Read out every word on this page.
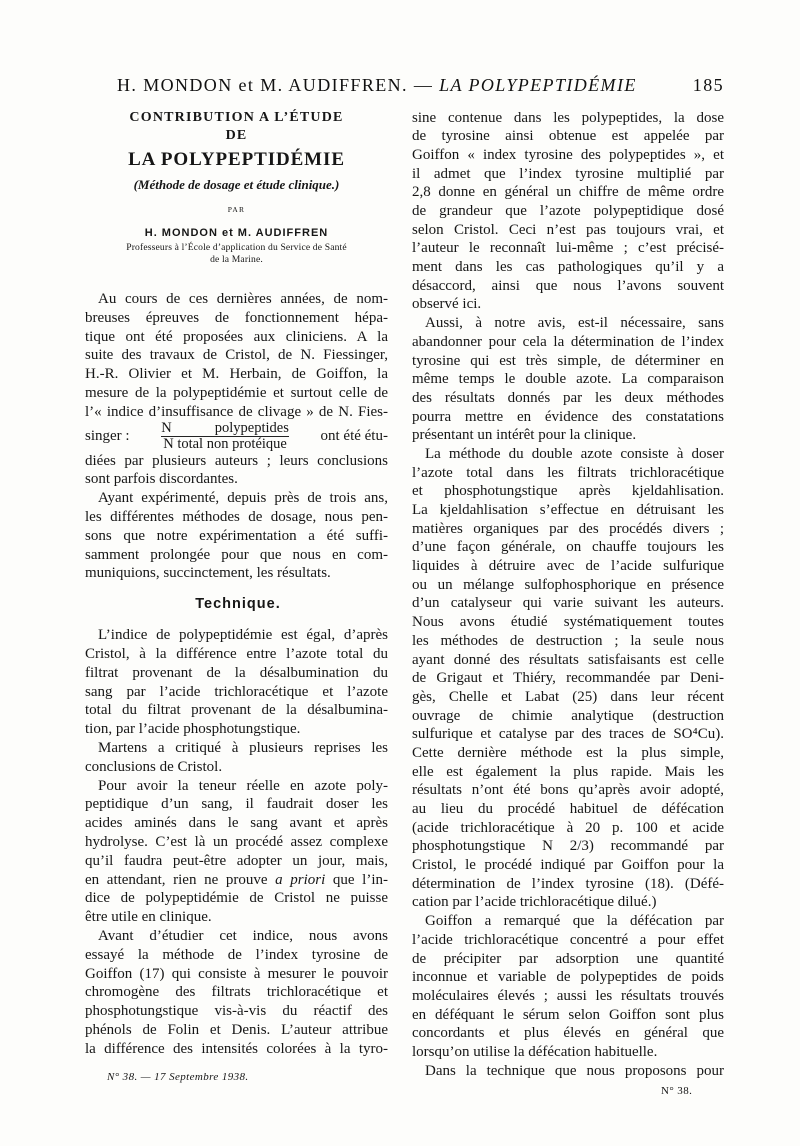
H. MONDON et M. AUDIFFREN. — LA POLYPEPTIDÉMIE	185
CONTRIBUTION A L’ÉTUDE
DE
LA POLYPEPTIDÉMIE
(Méthode de dosage et étude clinique.)
PAR
H. MONDON et M. AUDIFFREN
Professeurs à l’École d’application du Service de Santé
de la Marine.
Au cours de ces dernières années, de nom-
breuses épreuves de fonctionnement hépa-
tique ont été proposées aux cliniciens. A la
suite des travaux de Cristol, de N. Fiessinger,
H.-R. Olivier et M. Herbain, de Goiffon, la
mesure de la polypeptidémie et surtout celle de
l’« indice d’insuffisance de clivage » de N. Fies-
singer : $\frac{\text{N polypeptides}}{\text{N total non protéique}}$ ont été étu-
diées par plusieurs auteurs ; leurs conclusions
sont parfois discordantes.
Ayant expérimenté, depuis près de trois ans,
les différentes méthodes de dosage, nous pen-
sons que notre expérimentation a été suffi-
samment prolongée pour que nous en com-
muniquions, succinctement, les résultats.
Technique.
L’indice de polypeptidémie est égal, d’après
Cristol, à la différence entre l’azote total du
filtrat provenant de la désalbumination du
sang par l’acide trichloracétique et l’azote
total du filtrat provenant de la désalbumina-
tion, par l’acide phosphotungstique.
Martens a critiqué à plusieurs reprises les
conclusions de Cristol.
Pour avoir la teneur réelle en azote poly-
peptidique d’un sang, il faudrait doser les
acides aminés dans le sang avant et après
hydrolyse. C’est là un procédé assez complexe
qu’il faudra peut-être adopter un jour, mais,
en attendant, rien ne prouve a priori que l’in-
dice de polypeptidémie de Cristol ne puisse
être utile en clinique.
Avant d’étudier cet indice, nous avons
essayé la méthode de l’index tyrosine de
Goiffon (17) qui consiste à mesurer le pouvoir
chromogène des filtrats trichloracétique et
phosphotungstique vis-à-vis du réactif des
phénols de Folin et Denis. L’auteur attribue
la différence des intensités colorées à la tyro-
sine contenue dans les polypeptides, la dose
de tyrosine ainsi obtenue est appelée par
Goiffon « index tyrosine des polypeptides », et
il admet que l’index tyrosine multiplié par
2,8 donne en général un chiffre de même ordre
de grandeur que l’azote polypeptidique dosé
selon Cristol. Ceci n’est pas toujours vrai, et
l’auteur le reconnaît lui-même ; c’est précisé-
ment dans les cas pathologiques qu’il y a
désaccord, ainsi que nous l’avons souvent
observé ici.
Aussi, à notre avis, est-il nécessaire, sans
abandonner pour cela la détermination de l’index
tyrosine qui est très simple, de déterminer en
même temps le double azote. La comparaison
des résultats donnés par les deux méthodes
pourra mettre en évidence des constatations
présentant un intérêt pour la clinique.
La méthode du double azote consiste à doser
l’azote total dans les filtrats trichloracétique
et phosphotungstique après kjeldahlisation.
La kjeldahlisation s’effectue en détruisant les
matières organiques par des procédés divers ;
d’une façon générale, on chauffe toujours les
liquides à détruire avec de l’acide sulfurique
ou un mélange sulfophosphorique en présence
d’un catalyseur qui varie suivant les auteurs.
Nous avons étudié systématiquement toutes
les méthodes de destruction ; la seule nous
ayant donné des résultats satisfaisants est celle
de Grigaut et Thiéry, recommandée par Deni-
gès, Chelle et Labat (25) dans leur récent
ouvrage de chimie analytique (destruction
sulfurique et catalyse par des traces de SO⁴Cu).
Cette dernière méthode est la plus simple,
elle est également la plus rapide. Mais les
résultats n’ont été bons qu’après avoir adopté,
au lieu du procédé habituel de défécation
(acide trichloracétique à 20 p. 100 et acide
phosphotungstique N 2/3) recommandé par
Cristol, le procédé indiqué par Goiffon pour la
détermination de l’index tyrosine (18). (Défé-
cation par l’acide trichloracétique dilué.)
Goiffon a remarqué que la défécation par
l’acide trichloracétique concentré a pour effet
de précipiter par adsorption une quantité
inconnue et variable de polypeptides de poids
moléculaires élevés ; aussi les résultats trouvés
en déféquant le sérum selon Goiffon sont plus
concordants et plus élevés en général que
lorsqu’on utilise la défécation habituelle.
Dans la technique que nous proposons pour
N° 38. — 17 Septembre 1938.
N° 38.
